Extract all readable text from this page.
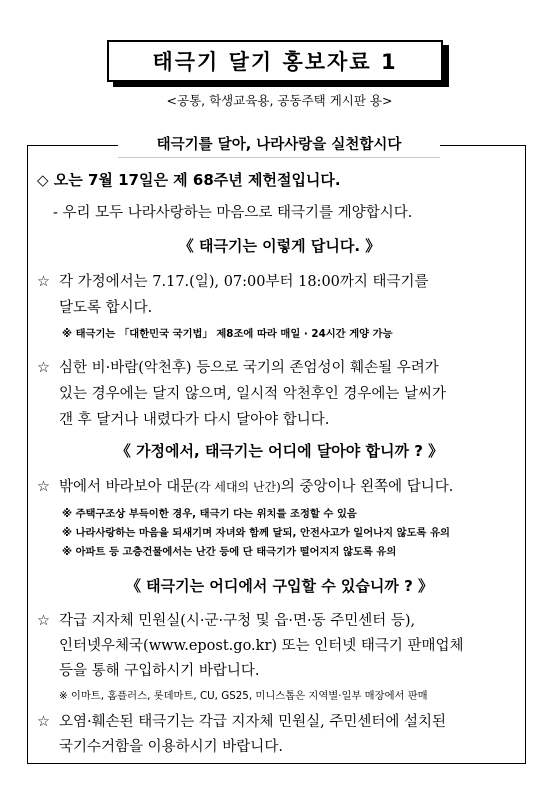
태극기 달기 홍보자료 1
<공통, 학생교육용, 공동주택 게시판 용>
태극기를 달아, 나라사랑을 실천합시다
◇ 오는 7월 17일은 제 68주년 제헌절입니다.
- 우리 모두 나라사랑하는 마음으로 태극기를 게양합시다.
《 태극기는 이렇게 답니다. 》
☆ 각 가정에서는 7.17.(일), 07:00부터 18:00까지 태극기를
달도록 합시다.
※ 태극기는 「대한민국 국기법」 제8조에 따라 매일 · 24시간 게양 가능
☆ 심한 비·바람(악천후) 등으로 국기의 존엄성이 훼손될 우려가
있는 경우에는 달지 않으며, 일시적 악천후인 경우에는 날씨가
갠 후 달거나 내렸다가 다시 달아야 합니다.
《 가정에서, 태극기는 어디에 달아야 합니까 ? 》
☆ 밖에서 바라보아 대문(각 세대의 난간)의 중앙이나 왼쪽에 답니다.
※ 주택구조상 부득이한 경우, 태극기 다는 위치를 조정할 수 있음
※ 나라사랑하는 마음을 되새기며 자녀와 함께 달되, 안전사고가 일어나지 않도록 유의
※ 아파트 등 고층건물에서는 난간 등에 단 태극기가 떨어지지 않도록 유의
《 태극기는 어디에서 구입할 수 있습니까 ? 》
☆ 각급 지자체 민원실(시·군·구청 및 읍·면·동 주민센터 등),
인터넷우체국(www.epost.go.kr) 또는 인터넷 태극기 판매업체
등을 통해 구입하시기 바랍니다.
※ 이마트, 홈플러스, 롯데마트, CU, GS25, 미니스톱은 지역별·일부 매장에서 판매
☆ 오염·훼손된 태극기는 각급 지자체 민원실, 주민센터에 설치된
국기수거함을 이용하시기 바랍니다.
